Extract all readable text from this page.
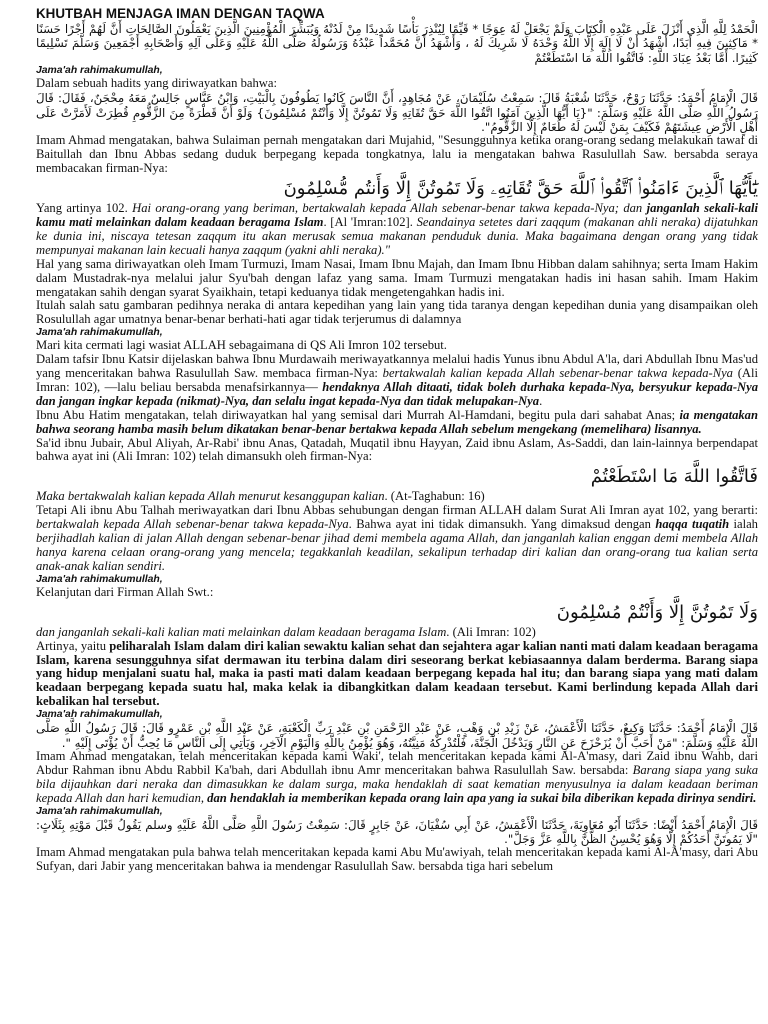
KHUTBAH MENJAGA IMAN DENGAN TAQWA
الْحَمْدُ لِلَّهِ الَّذِي أَنْزَلَ عَلَى عَبْدِهِ الْكِتَابَ وَلَمْ يَجْعَلْ لَهُ عِوَجًا * قَيِّمًا لِيُنْذِرَ بَأْسًا شَدِيدًا مِنْ لَدُنْهُ وَيُبَشِّرَ الْمُؤْمِنِينَ الَّذِينَ يَعْمَلُونَ الصَّالِحَاتِ أَنَّ لَهُمْ أَجْرًا حَسَنًا * مَاكِثِينَ فِيهِ أَبَدًا، أَشْهَدُ أَنْ لَا إِلَهَ إِلَّا اللَّهُ وَحْدَهُ لَا شَرِيكَ لَهُ ، وَأَشْهَدُ أَنَّ مُحَمَّداً عَبْدُهُ وَرَسُولُهُ صَلَّى اللَّهُ عَلَيْهِ وَعَلَى آلِهِ وَأَصْحَابِهِ أَجْمَعِينَ وَسَلَّمَ تَسْلِيمًا كَثِيرًا. أَمَّا بَعْدُ عِبَادَ اللَّهِ: فَاتَّقُوا اللَّهَ مَا اسْتَطَعْتُمْ
Jama'ah rahimakumullah,
Dalam sebuah hadits yang diriwayatkan bahwa:
قَالَ الْإِمَامُ أَحْمَدُ: حَدَّثَنَا رَوْحٌ، حَدَّثَنَا شُعْبَةُ قَالَ: سَمِعْتُ سُلَيْمَانَ، عَنْ مُجَاهِدٍ، أَنَّ النَّاسَ كَانُوا يَطُوفُونَ بِالْبَيْتِ، وَابْنُ عَبَّاسٍ جَالِسٌ مَعَهُ مِحْجَنٌ، فَقَالَ: قَالَ رَسُولُ اللَّهِ صَلَّى اللَّهُ عَلَيْهِ وَسَلَّمَ: "{يَا أَيُّهَا الَّذِينَ آمَنُوا اتَّقُوا اللَّهَ حَقَّ تُقَاتِهِ وَلَا تَمُوتُنَّ إِلَّا وَأَنْتُمْ مُسْلِمُونَ} وَلَوْ أَنَّ قَطْرَةً مِنَ الزَّقُّومِ قُطِرَتْ لَأَمَرَّتْ عَلَى أَهْلِ الْأَرْضِ عِيشَتَهُمْ فَكَيْفَ بِمَنْ لَيْسَ لَهُ طَعَامٌ إِلَّا الزَّقُّومُ".
Imam Ahmad mengatakan, bahwa Sulaiman pernah mengatakan dari Mujahid, "Sesungguhnya ketika orang-orang sedang melakukan tawaf di Baitullah dan Ibnu Abbas sedang duduk berpegang kepada tongkatnya, lalu ia mengatakan bahwa Rasulullah Saw. bersabda seraya membacakan firman-Nya:
يَٰٓأَيُّهَا ٱلَّذِينَ ءَامَنُوا۟ ٱتَّقُوا۟ ٱللَّهَ حَقَّ تُقَاتِهِۦ وَلَا تَمُوتُنَّ إِلَّا وَأَنتُم مُّسْلِمُونَ
Yang artinya 102. Hai orang-orang yang beriman, bertakwalah kepada Allah sebenar-benar takwa kepada-Nya; dan janganlah sekali-kali kamu mati melainkan dalam keadaan beragama Islam. [Al 'Imran:102]. Seandainya setetes dari zaqqum (makanan ahli neraka) dijatuhkan ke dunia ini, niscaya tetesan zaqqum itu akan merusak semua makanan penduduk dunia. Maka bagaimana dengan orang yang tidak mempunyai makanan lain kecuali hanya zaqqum (yakni ahli neraka)."
Hal yang sama diriwayatkan oleh Imam Turmuzi, Imam Nasai, Imam Ibnu Majah, dan Imam Ibnu Hibban dalam sahihnya; serta Imam Hakim dalam Mustadrak-nya melalui jalur Syu'bah dengan lafaz yang sama. Imam Turmuzi mengatakan hadis ini hasan sahih. Imam Hakim mengatakan sahih dengan syarat Syaikhain, tetapi keduanya tidak mengetengahkan hadis ini.
Itulah salah satu gambaran pedihnya neraka di antara kepedihan yang lain yang tida taranya dengan kepedihan dunia yang disampaikan oleh Rosulullah agar umatnya benar-benar berhati-hati agar tidak terjerumus di dalamnya
Jama'ah rahimakumullah,
Mari kita cermati lagi wasiat ALLAH sebagaimana di QS Ali Imron 102 tersebut.
Dalam tafsir Ibnu Katsir dijelaskan bahwa Ibnu Murdawaih meriwayatkannya melalui hadis Yunus ibnu Abdul A'la, dari Abdullah Ibnu Mas'ud yang menceritakan bahwa Rasulullah Saw. membaca firman-Nya: bertakwalah kalian kepada Allah sebenar-benar takwa kepada-Nya (Ali Imran: 102), —lalu beliau bersabda menafsirkannya— hendaknya Allah ditaati, tidak boleh durhaka kepada-Nya, bersyukur kepada-Nya dan jangan ingkar kepada (nikmat)-Nya, dan selalu ingat kepada-Nya dan tidak melupakan-Nya.
Ibnu Abu Hatim mengatakan, telah diriwayatkan hal yang semisal dari Murrah Al-Hamdani, begitu pula dari sahabat Anas; ia mengatakan bahwa seorang hamba masih belum dikatakan benar-benar bertakwa kepada Allah sebelum mengekang (memelihara) lisannya.
Sa'id ibnu Jubair, Abul Aliyah, Ar-Rabi' ibnu Anas, Qatadah, Muqatil ibnu Hayyan, Zaid ibnu Aslam, As-Saddi, dan lain-lainnya berpendapat bahwa ayat ini (Ali Imran: 102) telah dimansukh oleh firman-Nya:
فَاتَّقُوا اللَّهَ مَا اسْتَطَعْتُمْ
Maka bertakwalah kalian kepada Allah menurut kesanggupan kalian. (At-Taghabun: 16)
Tetapi Ali ibnu Abu Talhah meriwayatkan dari Ibnu Abbas sehubungan dengan firman ALLAH dalam Surat Ali Imran ayat 102, yang berarti: bertakwalah kepada Allah sebenar-benar takwa kepada-Nya. Bahwa ayat ini tidak dimansukh. Yang dimaksud dengan haqqa tuqatih ialah berjihadlah kalian di jalan Allah dengan sebenar-benar jihad demi membela agama Allah, dan janganlah kalian enggan demi membela Allah hanya karena celaan orang-orang yang mencela; tegakkanlah keadilan, sekalipun terhadap diri kalian dan orang-orang tua kalian serta anak-anak kalian sendiri.
Jama'ah rahimakumullah,
Kelanjutan dari Firman Allah Swt.:
وَلَا تَمُوتُنَّ إِلَّا وَأَنْتُمْ مُسْلِمُونَ
dan janganlah sekali-kali kalian mati melainkan dalam keadaan beragama Islam. (Ali Imran: 102)
Artinya, yaitu peliharalah Islam dalam diri kalian sewaktu kalian sehat dan sejahtera agar kalian nanti mati dalam keadaan beragama Islam, karena sesungguhnya sifat dermawan itu terbina dalam diri seseorang berkat kebiasaannya dalam berderma. Barang siapa yang hidup menjalani suatu hal, maka ia pasti mati dalam keadaan berpegang kepada hal itu; dan barang siapa yang mati dalam keadaan berpegang kepada suatu hal, maka kelak ia dibangkitkan dalam keadaan tersebut. Kami berlindung kepada Allah dari kebalikan hal tersebut.
Jama'ah rahimakumullah,
قَالَ الْإِمَامُ أَحْمَدُ: حَدَّثَنَا وَكِيعٌ، حَدَّثَنَا الْأَعْمَشُ، عَنْ زَيْدِ بْنِ وَهْبٍ، عَنْ عَبْدِ الرَّحْمَنِ بْنِ عَبْدِ رَبِّ الْكَعْبَةِ، عَنْ عَبْدِ اللَّهِ بْنِ عَمْرٍو قَالَ: قَالَ رَسُولُ اللَّهِ صَلَّى اللَّهُ عَلَيْهِ وَسَلَّمَ: "مَنْ أَحَبَّ أَنْ يُزَحْزَحَ عَنِ النَّارِ وَيَدْخُلَ الْجَنَّةَ، فَلْتُدْرِكْهُ مَنِيَّتُهُ، وَهُوَ يُؤْمِنُ بِاللَّهِ وَالْيَوْمِ الْآخِرِ، وَيَأْتِي إِلَى النَّاسِ مَا يُحِبُّ أَنْ يُؤْتَى إِلَيْهِ ".
Imam Ahmad mengatakan, telah menceritakan kepada kami Waki', telah menceritakan kepada kami Al-A'masy, dari Zaid ibnu Wahb, dari Abdur Rahman ibnu Abdu Rabbil Ka'bah, dari Abdullah ibnu Amr menceritakan bahwa Rasulullah Saw. bersabda: Barang siapa yang suka bila dijauhkan dari neraka dan dimasukkan ke dalam surga, maka hendaklah di saat kematian menyusulnya ia dalam keadaan beriman kepada Allah dan hari kemudian, dan hendaklah ia memberikan kepada orang lain apa yang ia sukai bila diberikan kepada dirinya sendiri.
Jama'ah rahimakumullah,
قَالَ الْإِمَامُ أَحْمَدُ أَيْضًا: حَدَّثَنَا أَبُو مُعَاوِيَةَ، حَدَّثَنَا الْأَعْمَشُ، عَنْ أَبِي سُفْيَانَ، عَنْ جَابِرٍ قَالَ: سَمِعْتُ رَسُولَ اللَّهِ صَلَّى اللَّهُ عَلَيْهِ وسلم يَقُولُ قَبْلَ مَوْتِهِ بِثَلَاثٍ: "لَا يَمُوتَنَّ أَحَدُكُمْ إِلَّا وَهُوَ يُحْسِنُ الظَّنَّ بِاللَّهِ عَزَّ وَجَلَّ".
Imam Ahmad mengatakan pula bahwa telah menceritakan kepada kami Abu Mu'awiyah, telah menceritakan kepada kami Al-A'masy, dari Abu Sufyan, dari Jabir yang menceritakan bahwa ia mendengar Rasulullah Saw. bersabda tiga hari sebelum
